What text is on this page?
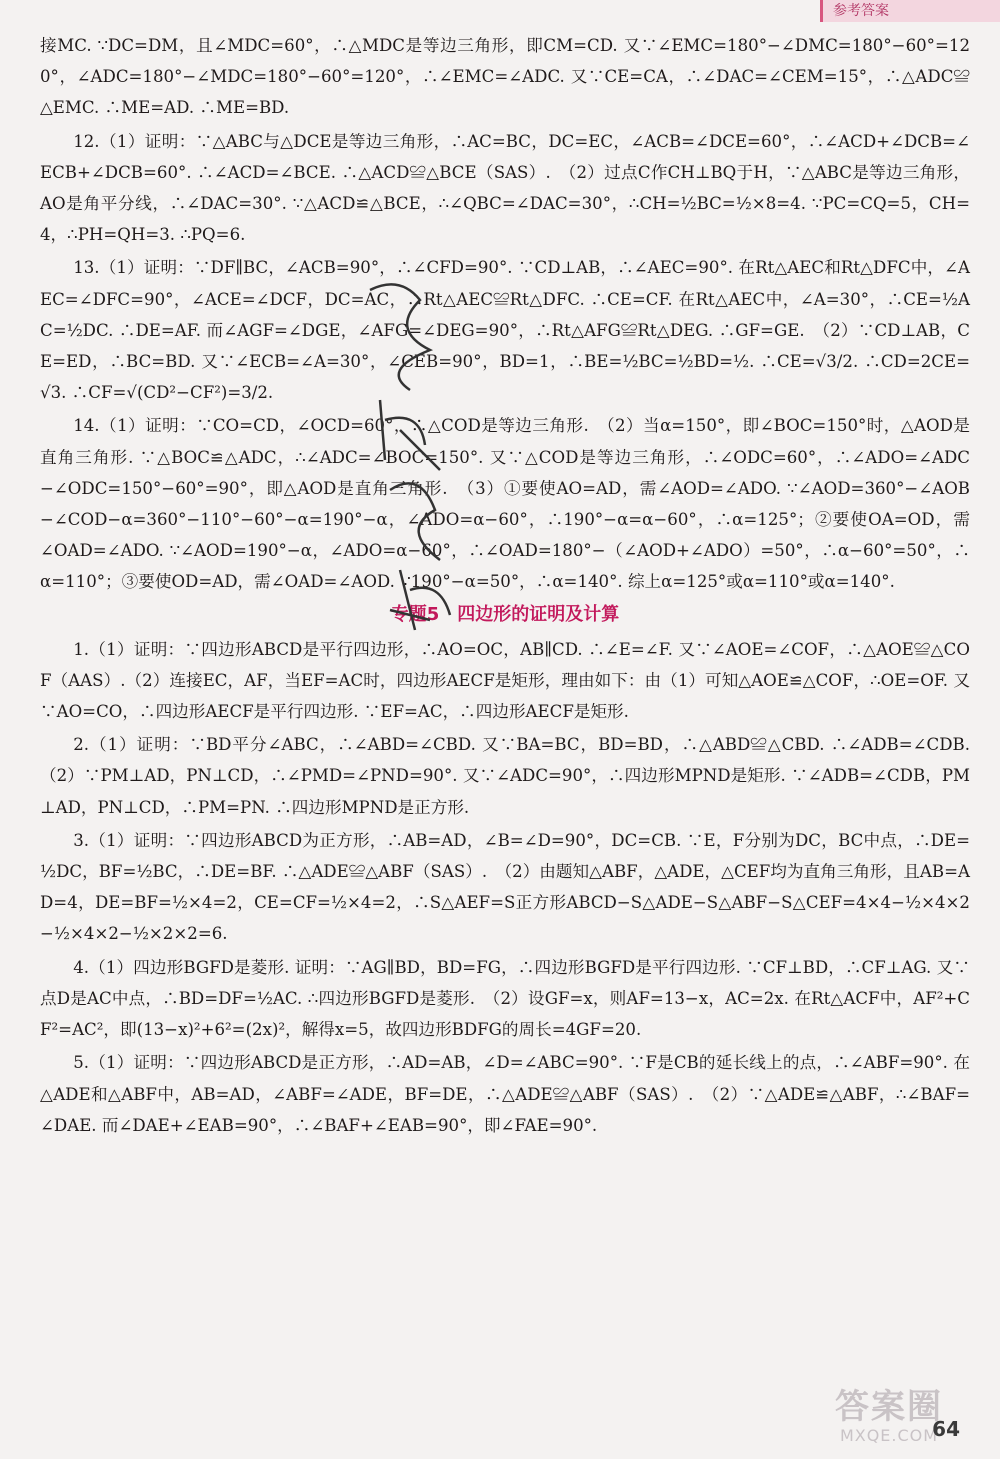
参考答案

接MC. ∵DC=DM，且∠MDC=60°，∴△MDC是等边三角形，即CM=CD. 又∵∠EMC=180°−∠DMC=180°−60°=120°，∠ADC=180°−∠MDC=180°−60°=120°，∴∠EMC=∠ADC. 又∵CE=CA，∴∠DAC=∠CEM=15°，∴△ADC≌△EMC. ∴ME=AD. ∴ME=BD.

12.（1）证明：∵△ABC与△DCE是等边三角形，∴AC=BC，DC=EC，∠ACB=∠DCE=60°，∴∠ACD+∠DCB=∠ECB+∠DCB=60°. ∴∠ACD=∠BCE. ∴△ACD≌△BCE（SAS）.　（2）过点C作CH⊥BQ于H，∵△ABC是等边三角形，AO是角平分线，∴∠DAC=30°. ∵△ACD≌△BCE，∴∠QBC=∠DAC=30°，∴CH=½BC=½×8=4. ∵PC=CQ=5，CH=4，∴PH=QH=3. ∴PQ=6.

13.（1）证明：∵DF∥BC，∠ACB=90°，∴∠CFD=90°. ∵CD⊥AB，∴∠AEC=90°. 在Rt△AEC和Rt△DFC中，∠AEC=∠DFC=90°，∠ACE=∠DCF，DC=AC，∴Rt△AEC≌Rt△DFC. ∴CE=CF. 在Rt△AEC中，∠A=30°，∴CE=½AC=½DC. ∴DE=AF. 而∠AGF=∠DGE，∠AFG=∠DEG=90°，∴Rt△AFG≌Rt△DEG. ∴GF=GE.　（2）∵CD⊥AB，CE=ED，∴BC=BD. 又∵∠ECB=∠A=30°，∠CEB=90°，BD=1，∴BE=½BC=½BD=½. ∴CE=√3/2. ∴CD=2CE=√3. ∴CF=√(CD²−CF²)=3/2.

14.（1）证明：∵CO=CD，∠OCD=60°，∴△COD是等边三角形.　（2）当α=150°，即∠BOC=150°时，△AOD是直角三角形. ∵△BOC≌△ADC，∴∠ADC=∠BOC=150°. 又∵△COD是等边三角形，∴∠ODC=60°，∴∠ADO=∠ADC−∠ODC=150°−60°=90°，即△AOD是直角三角形.　（3）①要使AO=AD，需∠AOD=∠ADO. ∵∠AOD=360°−∠AOB−∠COD−α=360°−110°−60°−α=190°−α，∠ADO=α−60°，∴190°−α=α−60°，∴α=125°；②要使OA=OD，需∠OAD=∠ADO. ∵∠AOD=190°−α，∠ADO=α−60°，∴∠OAD=180°−（∠AOD+∠ADO）=50°，∴α−60°=50°，∴α=110°；③要使OD=AD，需∠OAD=∠AOD. ∵190°−α=50°，∴α=140°. 综上α=125°或α=110°或α=140°.

专题5　四边形的证明及计算

1.（1）证明：∵四边形ABCD是平行四边形，∴AO=OC，AB∥CD. ∴∠E=∠F. 又∵∠AOE=∠COF，∴△AOE≌△COF（AAS）.（2）连接EC，AF，当EF=AC时，四边形AECF是矩形，理由如下：由（1）可知△AOE≌△COF，∴OE=OF. 又∵AO=CO，∴四边形AECF是平行四边形. ∵EF=AC，∴四边形AECF是矩形.

2.（1）证明：∵BD平分∠ABC，∴∠ABD=∠CBD. 又∵BA=BC，BD=BD，∴△ABD≌△CBD. ∴∠ADB=∠CDB.（2）∵PM⊥AD，PN⊥CD，∴∠PMD=∠PND=90°. 又∵∠ADC=90°，∴四边形MPND是矩形. ∵∠ADB=∠CDB，PM⊥AD，PN⊥CD，∴PM=PN. ∴四边形MPND是正方形.

3.（1）证明：∵四边形ABCD为正方形，∴AB=AD，∠B=∠D=90°，DC=CB. ∵E，F分别为DC，BC中点，∴DE=½DC，BF=½BC，∴DE=BF. ∴△ADE≌△ABF（SAS）.　（2）由题知△ABF，△ADE，△CEF均为直角三角形，且AB=AD=4，DE=BF=½×4=2，CE=CF=½×4=2，∴S△AEF=S正方形ABCD−S△ADE−S△ABF−S△CEF=4×4−½×4×2−½×4×2−½×2×2=6.

4.（1）四边形BGFD是菱形. 证明：∵AG∥BD，BD=FG，∴四边形BGFD是平行四边形. ∵CF⊥BD，∴CF⊥AG. 又∵点D是AC中点，∴BD=DF=½AC. ∴四边形BGFD是菱形.　（2）设GF=x，则AF=13−x，AC=2x. 在Rt△ACF中，AF²+CF²=AC²，即(13−x)²+6²=(2x)²，解得x=5，故四边形BDFG的周长=4GF=20.

5.（1）证明：∵四边形ABCD是正方形，∴AD=AB，∠D=∠ABC=90°. ∵F是CB的延长线上的点，∴∠ABF=90°. 在△ADE和△ABF中，AB=AD，∠ABF=∠ADE，BF=DE，∴△ADE≌△ABF（SAS）.　（2）∵△ADE≌△ABF，∴∠BAF=∠DAE. 而∠DAE+∠EAB=90°，∴∠BAF+∠EAB=90°，即∠FAE=90°.

答案圈
MXQE.COM
64
